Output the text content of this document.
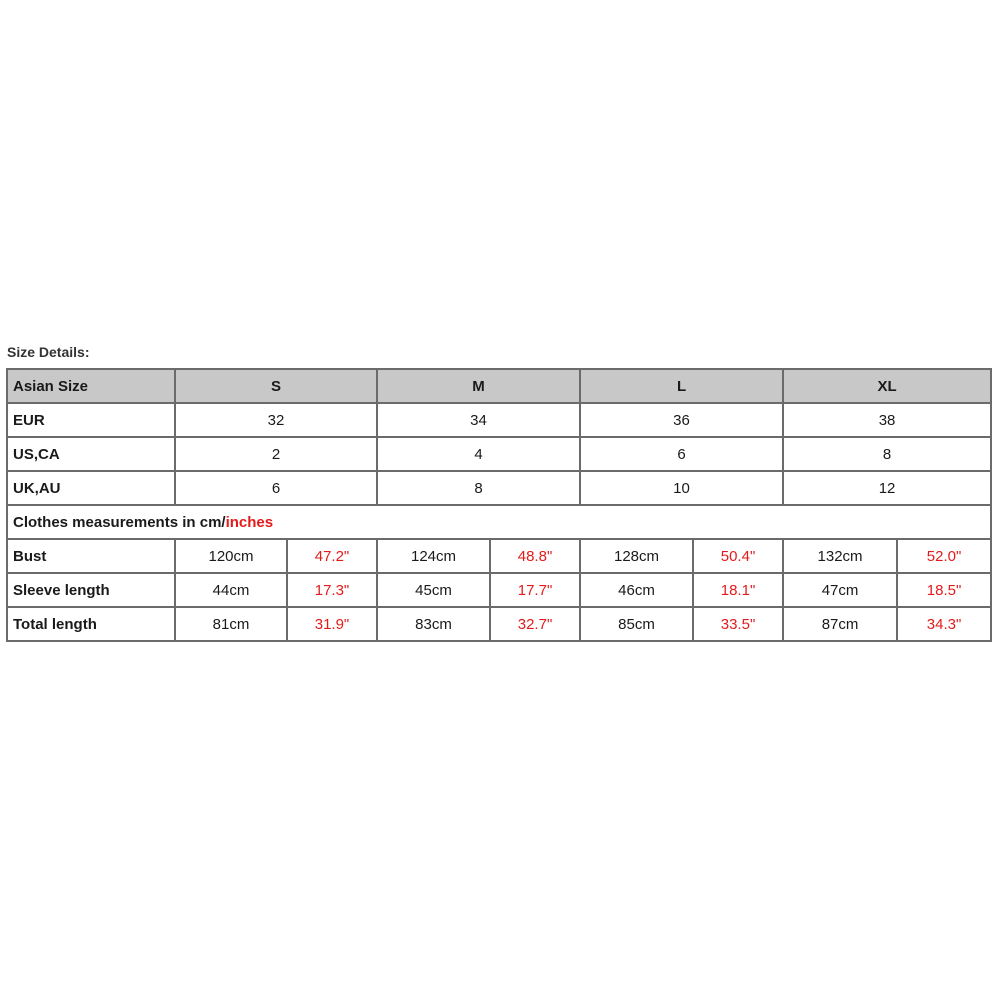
Size Details:
Asian Size	S		M		L		XL	
EUR	32		34		36		38	
US,CA	2		4		6		8	
UK,AU	6		8		10		12	
Clothes measurements in cm/inches								
Bust	120cm	47.2"	124cm	48.8"	128cm	50.4"	132cm	52.0"
Sleeve length	44cm	17.3"	45cm	17.7"	46cm	18.1"	47cm	18.5"
Total length	81cm	31.9"	83cm	32.7"	85cm	33.5"	87cm	34.3"
